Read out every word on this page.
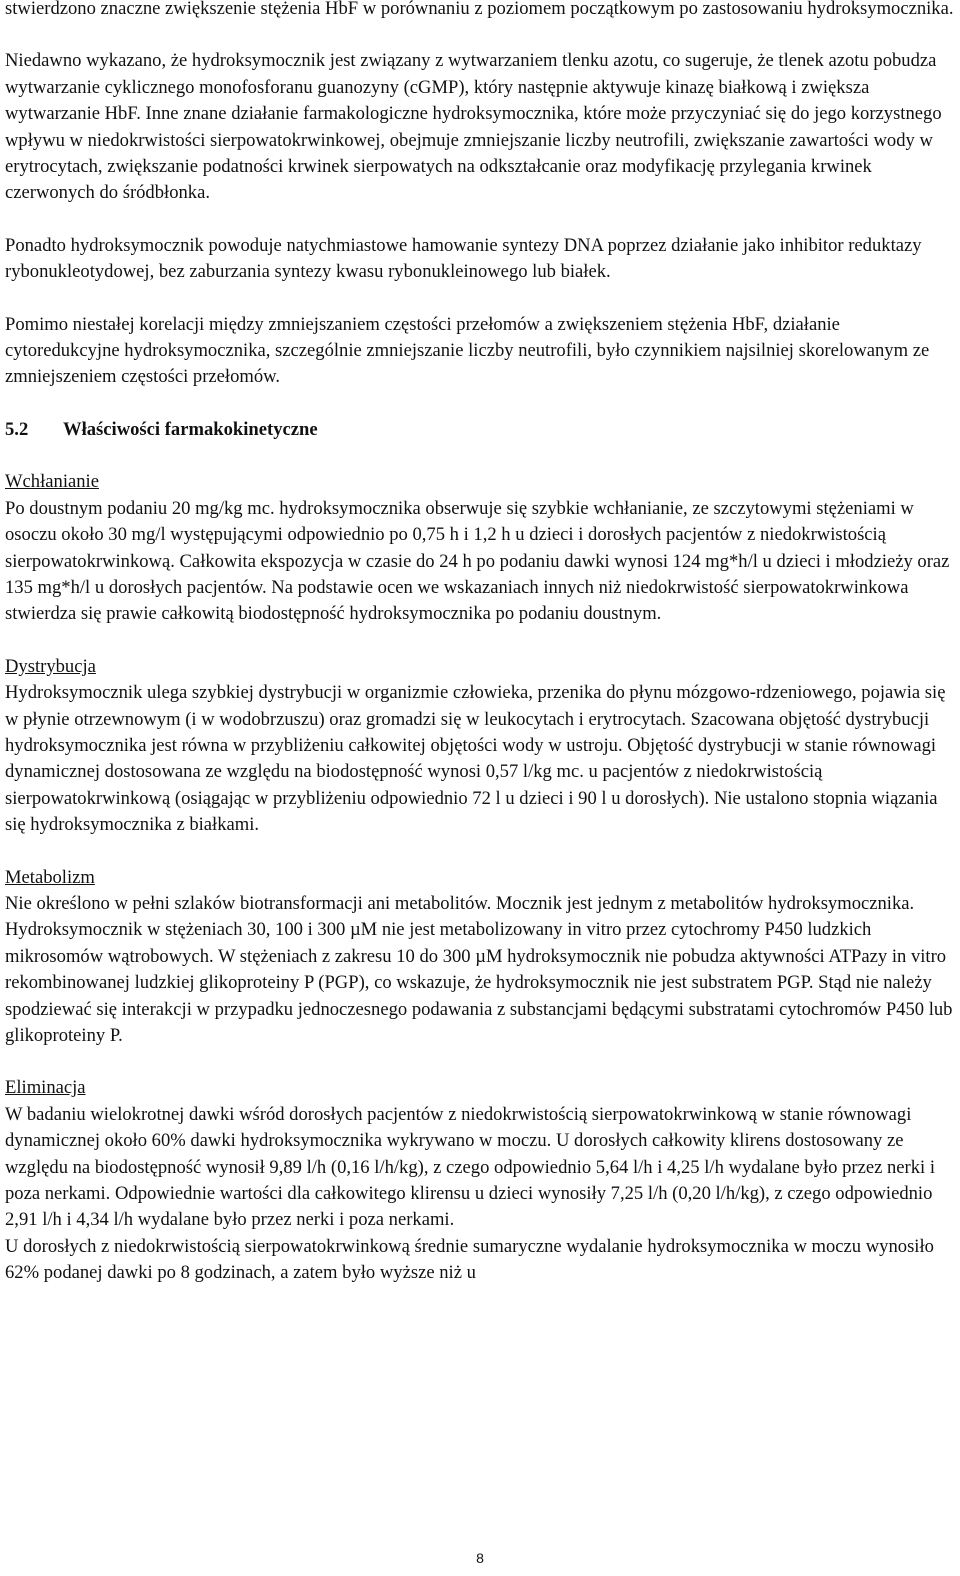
stwierdzono znaczne zwiększenie stężenia HbF w porównaniu z poziomem początkowym po zastosowaniu hydroksymocznika.

Niedawno wykazano, że hydroksymocznik jest związany z wytwarzaniem tlenku azotu, co sugeruje, że tlenek azotu pobudza wytwarzanie cyklicznego monofosforanu guanozyny (cGMP), który następnie aktywuje kinazę białkową i zwiększa wytwarzanie HbF. Inne znane działanie farmakologiczne hydroksymocznika, które może przyczyniać się do jego korzystnego wpływu w niedokrwistości sierpowatokrwinkowej, obejmuje zmniejszanie liczby neutrofili, zwiększanie zawartości wody w erytrocytach, zwiększanie podatności krwinek sierpowatych na odkształcanie oraz modyfikację przylegania krwinek czerwonych do śródbłonka.

Ponadto hydroksymocznik powoduje natychmiastowe hamowanie syntezy DNA poprzez działanie jako inhibitor reduktazy rybonukleotydowej, bez zaburzania syntezy kwasu rybonukleinowego lub białek.

Pomimo niestałej korelacji między zmniejszaniem częstości przełomów a zwiększeniem stężenia HbF, działanie cytoredukcyjne hydroksymocznika, szczególnie zmniejszanie liczby neutrofili, było czynnikiem najsilniej skorelowanym ze zmniejszeniem częstości przełomów.

5.2 Właściwości farmakokinetyczne

Wchłanianie

Po doustnym podaniu 20 mg/kg mc. hydroksymocznika obserwuje się szybkie wchłanianie, ze szczytowymi stężeniami w osoczu około 30 mg/l występującymi odpowiednio po 0,75 h i 1,2 h u dzieci i dorosłych pacjentów z niedokrwistością sierpowatokrwinkową. Całkowita ekspozycja w czasie do 24 h po podaniu dawki wynosi 124 mg*h/l u dzieci i młodzieży oraz 135 mg*h/l u dorosłych pacjentów. Na podstawie ocen we wskazaniach innych niż niedokrwistość sierpowatokrwinkowa stwierdza się prawie całkowitą biodostępność hydroksymocznika po podaniu doustnym.

Dystrybucja

Hydroksymocznik ulega szybkiej dystrybucji w organizmie człowieka, przenika do płynu mózgowo-rdzeniowego, pojawia się w płynie otrzewnowym (i w wodobrzuszu) oraz gromadzi się w leukocytach i erytrocytach. Szacowana objętość dystrybucji hydroksymocznika jest równa w przybliżeniu całkowitej objętości wody w ustroju. Objętość dystrybucji w stanie równowagi dynamicznej dostosowana ze względu na biodostępność wynosi 0,57 l/kg mc. u pacjentów z niedokrwistością sierpowatokrwinkową (osiągając w przybliżeniu odpowiednio 72 l u dzieci i 90 l u dorosłych). Nie ustalono stopnia wiązania się hydroksymocznika z białkami.

Metabolizm

Nie określono w pełni szlaków biotransformacji ani metabolitów. Mocznik jest jednym z metabolitów hydroksymocznika.

Hydroksymocznik w stężeniach 30, 100 i 300 µM nie jest metabolizowany in vitro przez cytochromy P450 ludzkich mikrosomów wątrobowych. W stężeniach z zakresu 10 do 300 µM hydroksymocznik nie pobudza aktywności ATPazy in vitro rekombinowanej ludzkiej glikoproteiny P (PGP), co wskazuje, że hydroksymocznik nie jest substratem PGP. Stąd nie należy spodziewać się interakcji w przypadku jednoczesnego podawania z substancjami będącymi substratami cytochromów P450 lub glikoproteiny P.

Eliminacja

W badaniu wielokrotnej dawki wśród dorosłych pacjentów z niedokrwistością sierpowatokrwinkową w stanie równowagi dynamicznej około 60% dawki hydroksymocznika wykrywano w moczu. U dorosłych całkowity klirens dostosowany ze względu na biodostępność wynosił 9,89 l/h (0,16 l/h/kg), z czego odpowiednio 5,64 l/h i 4,25 l/h wydalane było przez nerki i poza nerkami. Odpowiednie wartości dla całkowitego klirensu u dzieci wynosiły 7,25 l/h (0,20 l/h/kg), z czego odpowiednio 2,91 l/h i 4,34 l/h wydalane było przez nerki i poza nerkami.

U dorosłych z niedokrwistością sierpowatokrwinkową średnie sumaryczne wydalanie hydroksymocznika w moczu wynosiło 62% podanej dawki po 8 godzinach, a zatem było wyższe niż u

8
